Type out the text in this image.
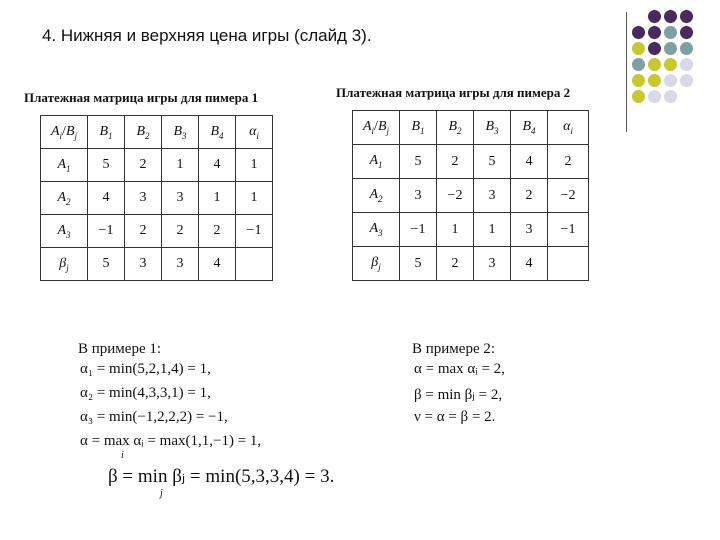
4. Нижняя и верхняя цена игры (слайд 3).
Платежная матрица игры для пимера 1
$A_i/B_j$	$B_1$	$B_2$	$B_3$	$B_4$	$\alpha_i$
$A_1$	5	2	1	4	1
$A_2$	4	3	3	1	1
$A_3$	−1	2	2	2	−1
$\beta_j$	5	3	3	4	
Платежная матрица игры для пимера 2
$A_i/B_j$	$B_1$	$B_2$	$B_3$	$B_4$	$\alpha_i$
$A_1$	5	2	5	4	2
$A_2$	3	−2	3	2	−2
$A_3$	−1	1	1	3	−1
$\beta_j$	5	2	3	4	
В примере 1:
α₁ = min(5,2,1,4) = 1,
α₂ = min(4,3,3,1) = 1,
α₃ = min(−1,2,2,2) = −1,
α = max αᵢ = max(1,1,−1) = 1,
i
β = min βⱼ = min(5,3,3,4) = 3.
j
В примере 2:
α = max αᵢ = 2,
β = min βⱼ = 2,
ν = α = β = 2.
